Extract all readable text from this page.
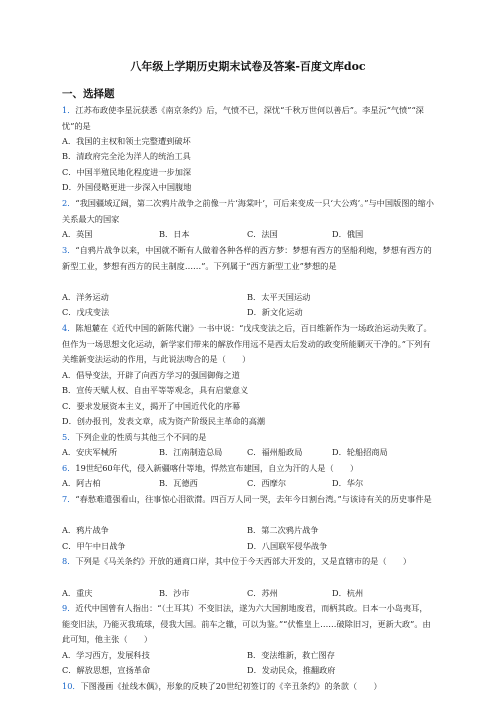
八年级上学期历史期末试卷及答案-百度文库doc
一、选择题
1．江苏布政使李星沅获悉《南京条约》后，气愤不已，深忧“千秋万世何以善后”。李星沅“气愤”“深忧”的是
A．我国的主权和领土完整遭到破坏
B．清政府完全沦为洋人的统治工具
C．中国半殖民地化程度进一步加深
D．外国侵略更进一步深入中国腹地
2．“我国疆域辽阔，第二次鸦片战争之前像一片‘海棠叶’，可后来变成一只‘大公鸡’。”与中国版图的缩小关系最大的国家
A．英国	B．日本	C．法国	D．俄国
3．“自鸦片战争以来，中国就不断有人做着各种各样的西方梦：梦想有西方的坚船利炮，梦想有西方的新型工业，梦想有西方的民主制度……”。下列属于“西方新型工业”梦想的是
A．洋务运动	B．太平天国运动
C．戊戌变法	D．新文化运动
4．陈旭麓在《近代中国的新陈代谢》一书中说：“戊戌变法之后，百日维新作为一场政治运动失败了。但作为一场思想文化运动，新学家们带来的解放作用远不是西太后发动的政变所能剿灭干净的。”下列有关维新变法运动的作用，与此说法吻合的是（　　）
A．倡导变法，开辟了向西方学习的强国御侮之道
B．宣传天赋人权、自由平等等观念，具有启蒙意义
C．要求发展资本主义，揭开了中国近代化的序幕
D．创办报刊，发表文章，成为资产阶级民主革命的高潮
5．下列企业的性质与其他三个不同的是
A．安庆军械所	B．江南制造总局	C．福州船政局	D．轮船招商局
6．19世纪60年代，侵入新疆喀什等地，悍然宣布建国，自立为汗的人是（　　）
A．阿古柏	B．瓦德西	C．西摩尔	D．华尔
7．“春愁难遣强看山，往事惊心泪欲潸。四百万人同一哭，去年今日割台湾。”与该诗有关的历史事件是
A．鸦片战争	B．第二次鸦片战争
C．甲午中日战争	D．八国联军侵华战争
8．下列是《马关条约》开放的通商口岸，其中位于今天西部大开发的，又是直辖市的是（　　）
A．重庆	B．沙市	C．苏州	D．杭州
9．近代中国曾有人指出：“（土耳其）不变旧法，遂为六大国割地废君，而柄其政。日本一小岛夷耳，能变旧法，乃能灭我琉球，侵我大国。前车之辙，可以为鉴。”“伏惟皇上……破除旧习，更新大政”。由此可知，他主张（　　）
A．学习西方，发展科技	B．变法维新，救亡图存
C．解放思想，宣扬革命	D．发动民众，推翻政府
10．下图漫画《扯线木偶》，形象的反映了20世纪初签订的《辛丑条约》的条款（　　）
